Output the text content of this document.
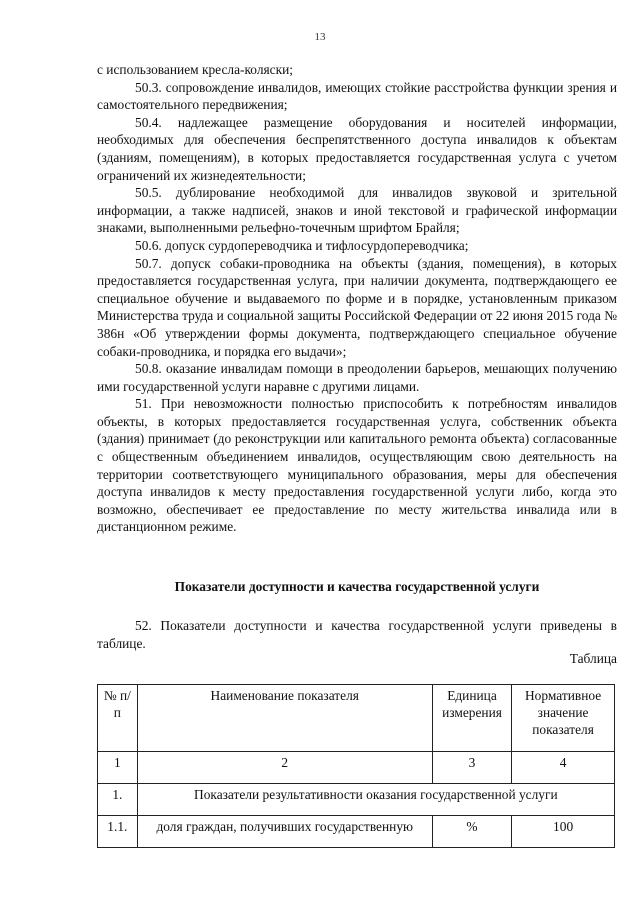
13

с использованием кресла-коляски;

50.3. сопровождение инвалидов, имеющих стойкие расстройства функции зрения и самостоятельного передвижения;

50.4. надлежащее размещение оборудования и носителей информации, необходимых для обеспечения беспрепятственного доступа инвалидов к объектам (зданиям, помещениям), в которых предоставляется государственная услуга с учетом ограничений их жизнедеятельности;

50.5. дублирование необходимой для инвалидов звуковой и зрительной информации, а также надписей, знаков и иной текстовой и графической информации знаками, выполненными рельефно-точечным шрифтом Брайля;

50.6. допуск сурдопереводчика и тифлосурдопереводчика;

50.7. допуск собаки-проводника на объекты (здания, помещения), в которых предоставляется государственная услуга, при наличии документа, подтверждающего ее специальное обучение и выдаваемого по форме и в порядке, установленным приказом Министерства труда и социальной защиты Российской Федерации от 22 июня 2015 года № 386н «Об утверждении формы документа, подтверждающего специальное обучение собаки-проводника, и порядка его выдачи»;

50.8. оказание инвалидам помощи в преодолении барьеров, мешающих получению ими государственной услуги наравне с другими лицами.

51. При невозможности полностью приспособить к потребностям инвалидов объекты, в которых предоставляется государственная услуга, собственник объекта (здания) принимает (до реконструкции или капитального ремонта объекта) согласованные с общественным объединением инвалидов, осуществляющим свою деятельность на территории соответствующего муниципального образования, меры для обеспечения доступа инвалидов к месту предоставления государственной услуги либо, когда это возможно, обеспечивает ее предоставление по месту жительства инвалида или в дистанционном режиме.

Показатели доступности и качества государственной услуги

52. Показатели доступности и качества государственной услуги приведены в таблице.

Таблица
№ п/п	Наименование показателя	Единица измерения	Нормативное значение показателя
1	2	3	4
1.	Показатели результативности оказания государственной услуги		
1.1.	доля граждан, получивших государственную	%	100
